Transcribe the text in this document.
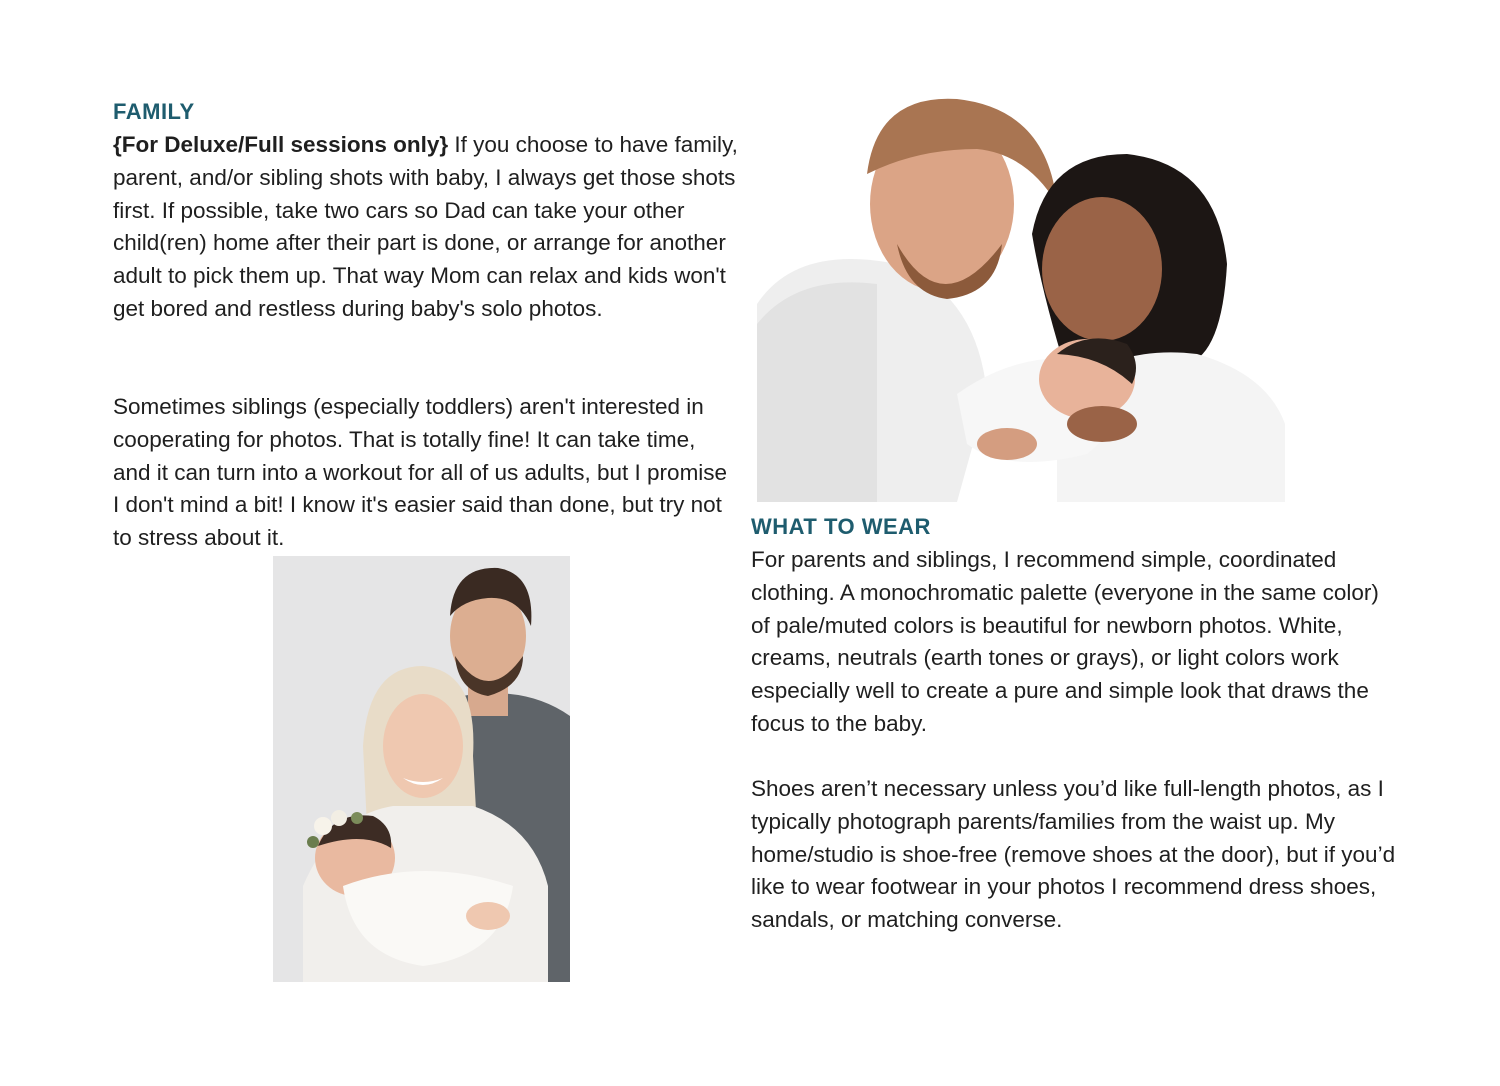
FAMILY

{For Deluxe/Full sessions only} If you choose to have family, parent, and/or sibling shots with baby, I always get those shots first. If possible, take two cars so Dad can take your other child(ren) home after their part is done, or arrange for another adult to pick them up. That way Mom can relax and kids won't get bored and restless during baby's solo photos.

Sometimes siblings (especially toddlers) aren't interested in cooperating for photos. That is totally fine! It can take time, and it can turn into a workout for all of us adults, but I promise I don't mind a bit! I know it's easier said than done, but try not to stress about it.	WHAT TO WEAR

For parents and siblings, I recommend simple, coordinated clothing. A monochromatic palette (everyone in the same color) of pale/muted colors is beautiful for newborn photos. White, creams, neutrals (earth tones or grays), or light colors work especially well to create a pure and simple look that draws the focus to the baby.

Shoes aren’t necessary unless you’d like full-length photos, as I typically photograph parents/families from the waist up. My home/studio is shoe-free (remove shoes at the door), but if you’d like to wear footwear in your photos I recommend dress shoes, sandals, or matching converse.
